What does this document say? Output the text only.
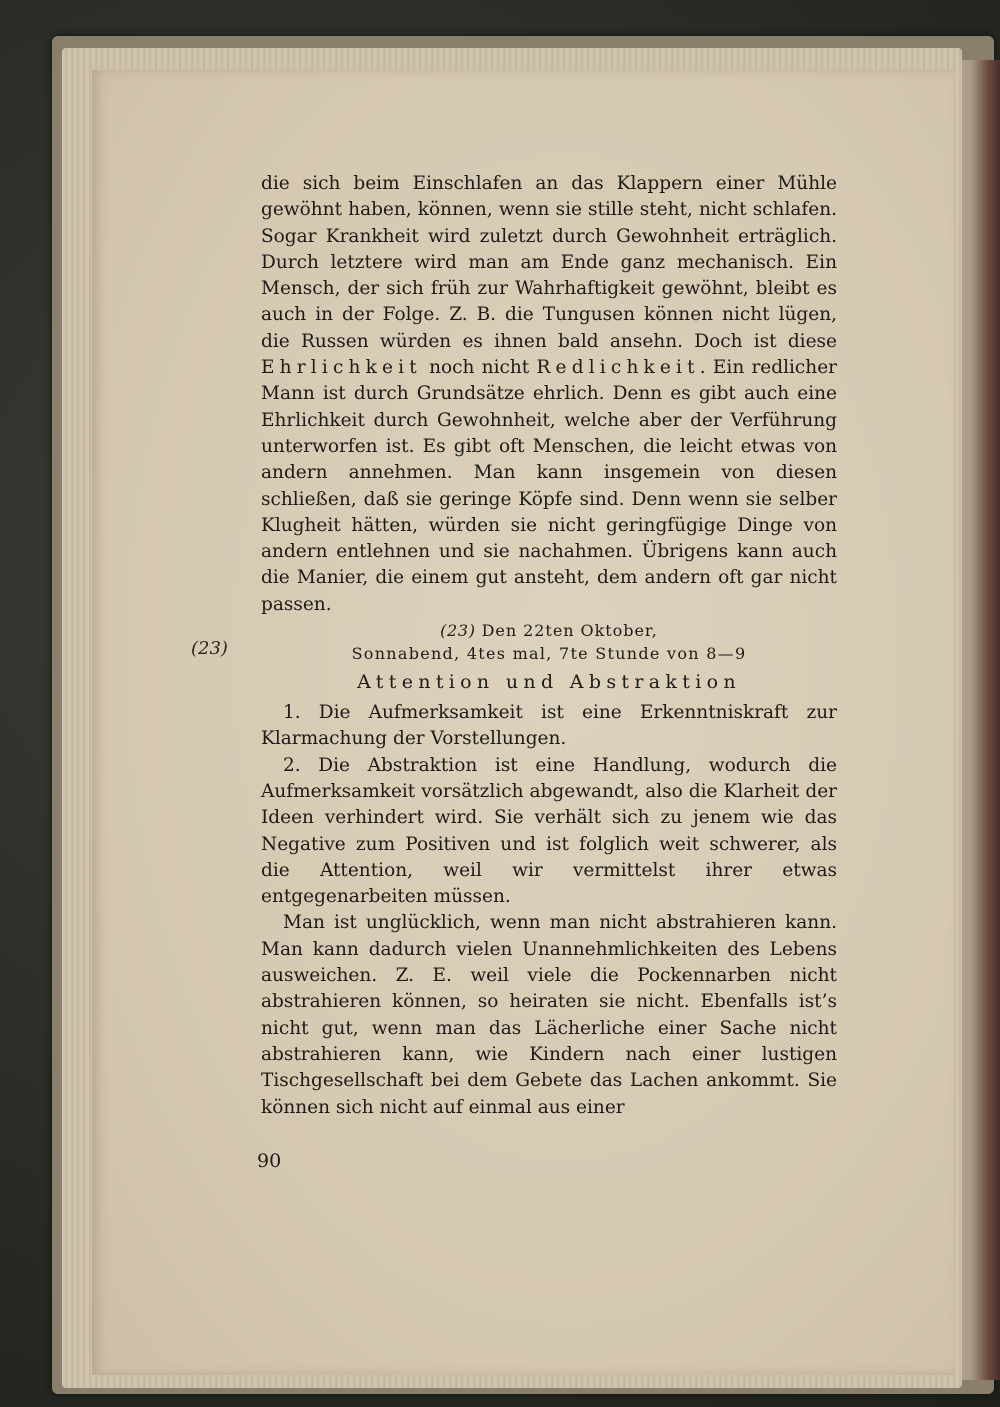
(23)

die sich beim Einschlafen an das Klappern einer Mühle gewöhnt haben, können, wenn sie stille steht, nicht schlafen. Sogar Krankheit wird zuletzt durch Gewohnheit erträglich. Durch letztere wird man am Ende ganz mechanisch. Ein Mensch, der sich früh zur Wahrhaftigkeit gewöhnt, bleibt es auch in der Folge. Z. B. die Tungusen können nicht lügen, die Russen würden es ihnen bald ansehn. Doch ist diese Ehrlichkeit noch nicht Redlichkeit. Ein redlicher Mann ist durch Grundsätze ehrlich. Denn es gibt auch eine Ehrlichkeit durch Gewohnheit, welche aber der Verführung unterworfen ist. Es gibt oft Menschen, die leicht etwas von andern annehmen. Man kann insgemein von diesen schließen, daß sie geringe Köpfe sind. Denn wenn sie selber Klugheit hätten, würden sie nicht geringfügige Dinge von andern entlehnen und sie nachahmen. Übrigens kann auch die Manier, die einem gut ansteht, dem andern oft gar nicht passen.

(23) Den 22ten Oktober,
Sonnabend, 4tes mal, 7te Stunde von 8—9
Attention und Abstraktion

1. Die Aufmerksamkeit ist eine Erkenntniskraft zur Klarmachung der Vorstellungen.

2. Die Abstraktion ist eine Handlung, wodurch die Aufmerksamkeit vorsätzlich abgewandt, also die Klarheit der Ideen verhindert wird. Sie verhält sich zu jenem wie das Negative zum Positiven und ist folglich weit schwerer, als die Attention, weil wir vermittelst ihrer etwas entgegenarbeiten müssen.

Man ist unglücklich, wenn man nicht abstrahieren kann. Man kann dadurch vielen Unannehmlichkeiten des Lebens ausweichen. Z. E. weil viele die Pockennarben nicht abstrahieren können, so heiraten sie nicht. Ebenfalls ist’s nicht gut, wenn man das Lächerliche einer Sache nicht abstrahieren kann, wie Kindern nach einer lustigen Tischgesellschaft bei dem Gebete das Lachen ankommt. Sie können sich nicht auf einmal aus einer

90
